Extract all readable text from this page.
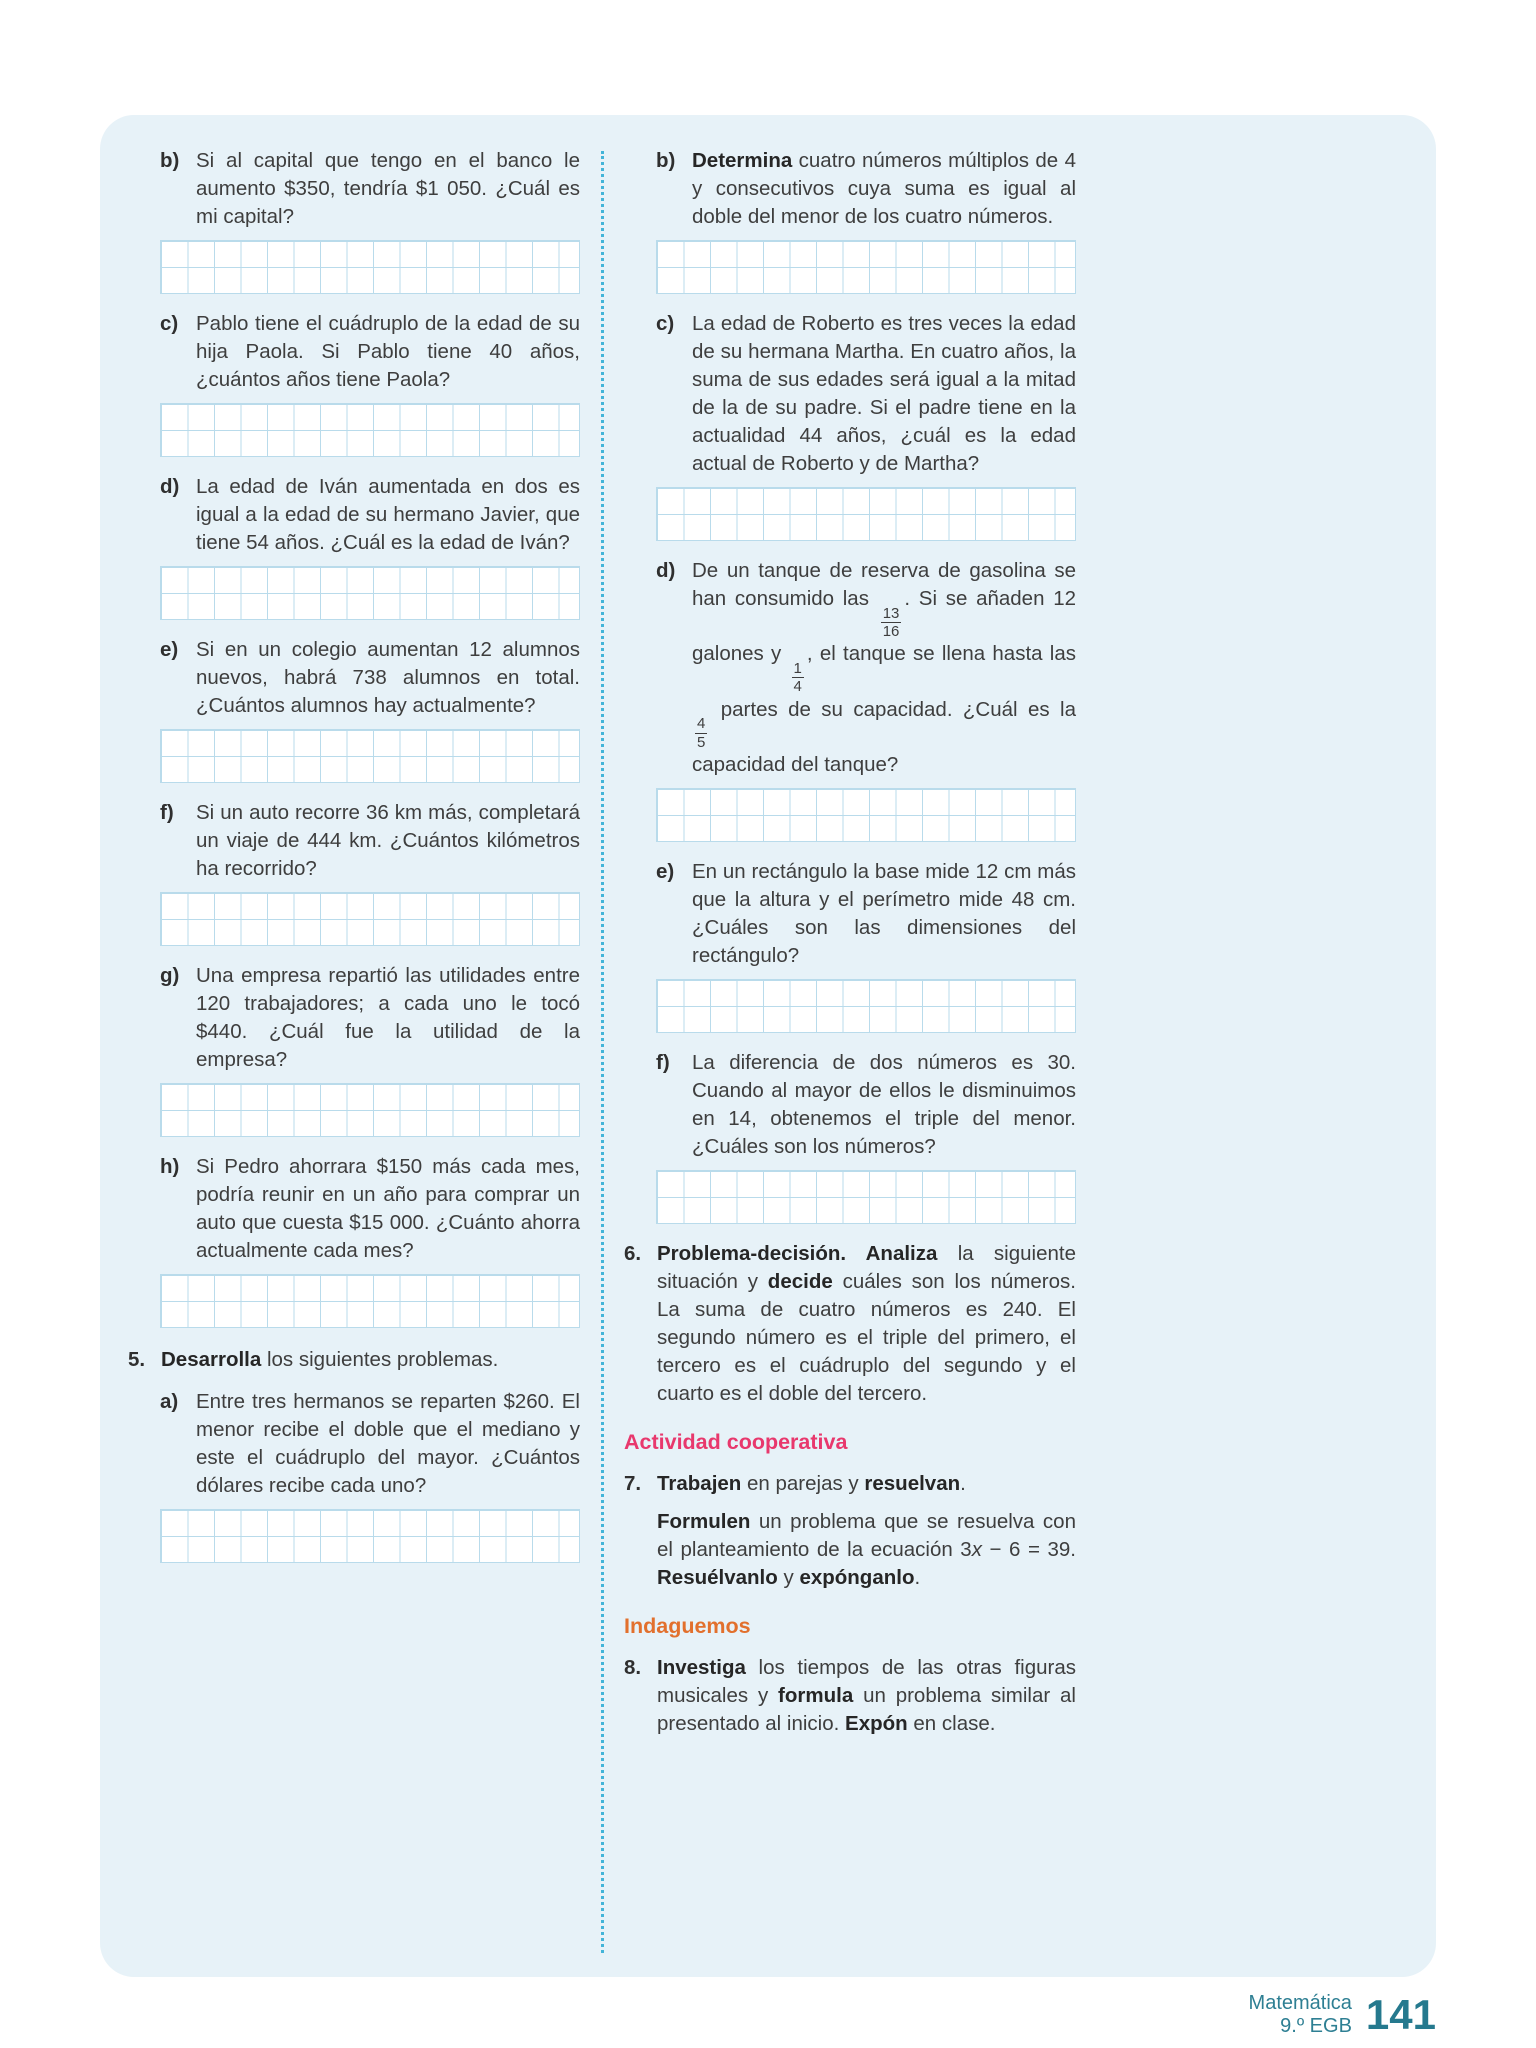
b) Si al capital que tengo en el banco le aumento $350, tendría $1 050. ¿Cuál es mi capital?

c) Pablo tiene el cuádruplo de la edad de su hija Paola. Si Pablo tiene 40 años, ¿cuántos años tiene Paola?

d) La edad de Iván aumentada en dos es igual a la edad de su hermano Javier, que tiene 54 años. ¿Cuál es la edad de Iván?

e) Si en un colegio aumentan 12 alumnos nuevos, habrá 738 alumnos en total. ¿Cuántos alumnos hay actualmente?

f)	Si un auto recorre 36 km más, completará un viaje de 444 km. ¿Cuántos kilómetros ha recorrido?

g) Una empresa repartió las utilidades entre 120 trabajadores; a cada uno le tocó $440. ¿Cuál fue la utilidad de la empresa?

h) Si Pedro ahorrara $150 más cada mes, podría reunir en un año para comprar un auto que cuesta $15 000. ¿Cuánto ahorra actualmente cada mes?

5. Desarrolla los siguientes problemas.

a) Entre tres hermanos se reparten $260. El menor recibe el doble que el mediano y este el cuádruplo del mayor. ¿Cuántos dólares recibe cada uno?

b) Determina cuatro números múltiplos de 4 y consecutivos cuya suma es igual al doble del menor de los cuatro números.

c) La edad de Roberto es tres veces la edad de su hermana Martha. En cuatro años, la suma de sus edades será igual a la mitad de la de su padre. Si el padre tiene en la actualidad 44 años, ¿cuál es la edad actual de Roberto y de Martha?

d) De un tanque de reserva de gasolina se han consumido las
$\frac{13}{16}$
. Si se añaden 12 galones y
$\frac{1}{4}$
, el tanque se llena hasta las
$\frac{4}{5}$
partes de su capacidad. ¿Cuál es la capacidad del tanque?

e) En un rectángulo la base mide 12 cm más que la altura y el perímetro mide 48 cm. ¿Cuáles son las dimensiones del rectángulo?

f)	La diferencia de dos números es 30. Cuando al mayor de ellos le disminuimos en 14, obtenemos el triple del menor. ¿Cuáles son los números?

6. Problema-decisión. Analiza la siguiente situación y decide cuáles son los números. La suma de cuatro números es 240. El segundo número es el triple del primero, el tercero es el cuádruplo del segundo y el cuarto es el doble del tercero.

Actividad cooperativa
7. Trabajen en parejas y resuelvan.

Formulen un problema que se resuelva con el planteamiento de la ecuación 3x − 6 = 39. Resuélvanlo y expónganlo.

Indaguemos
8. Investiga los tiempos de las otras figuras musicales y formula un problema similar al presentado al inicio. Expón en clase.

Matemática
9.º EGB 141
